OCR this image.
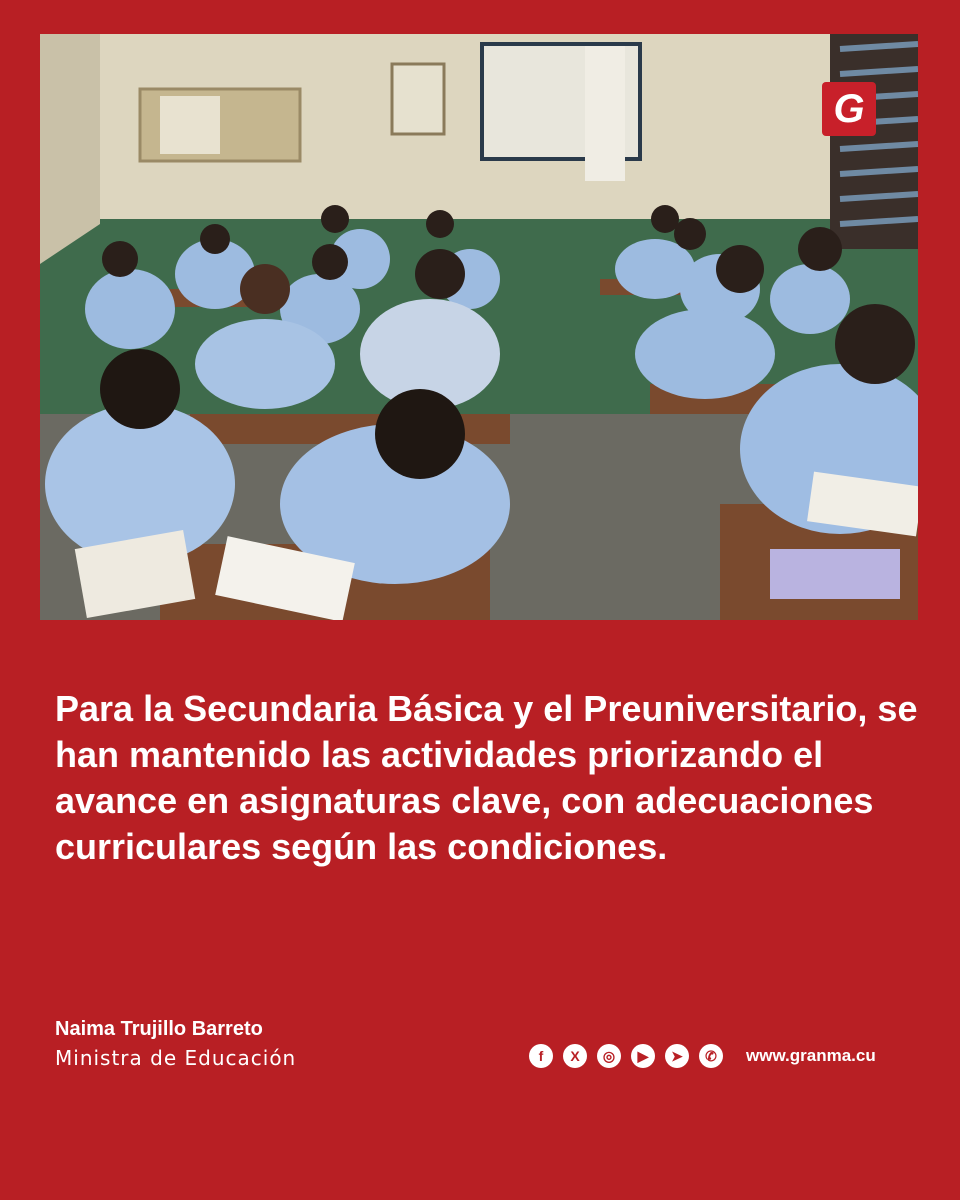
G
Para la Secundaria Básica y el Preuniversitario, se han mantenido las actividades priorizando el avance en asignaturas clave, con adecuaciones curriculares según las condiciones.
Naima Trujillo Barreto
Ministra de Educación	f	X	◎	▶	➤	✆	www.granma.cu
